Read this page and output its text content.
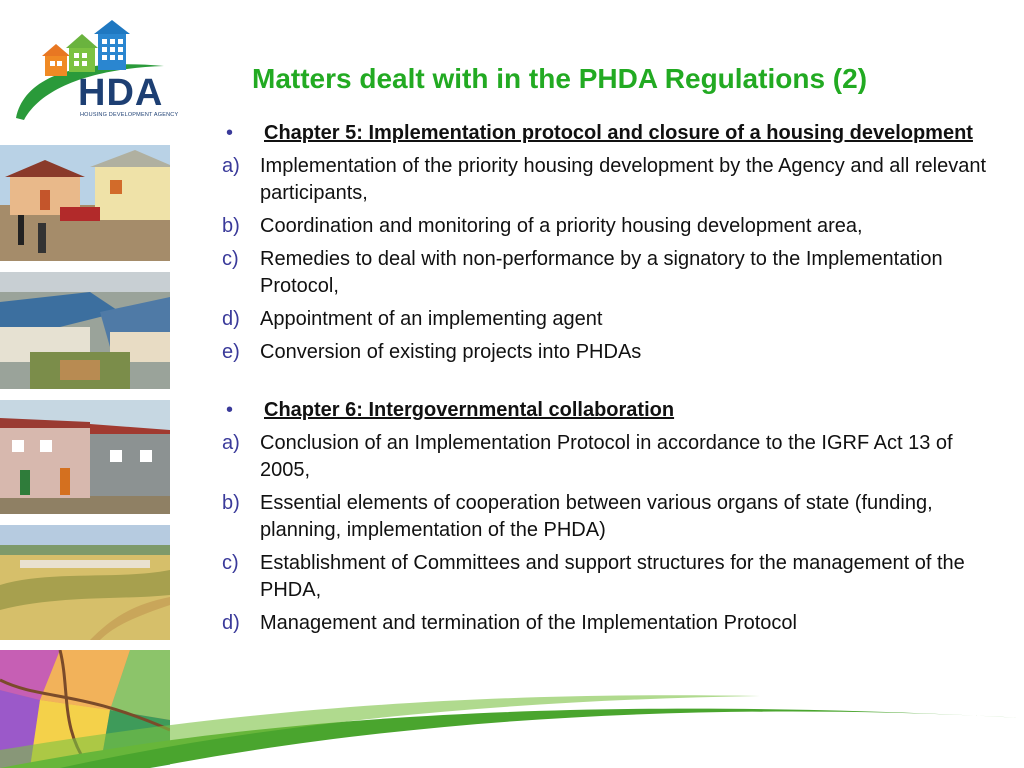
HDA
HOUSING DEVELOPMENT AGENCY
Matters dealt with in the PHDA Regulations (2)
•	Chapter 5: Implementation protocol and closure of a housing development
a)	Implementation of the priority housing development by the Agency and all relevant participants,
b)	Coordination and monitoring of a priority housing development area,
c)	Remedies to deal with non-performance by a signatory to the Implementation Protocol,
d)	Appointment of an implementing agent
e)	Conversion of existing projects into PHDAs
•	Chapter 6: Intergovernmental collaboration
a)	Conclusion of an Implementation Protocol in accordance to the IGRF Act 13 of 2005,
b)	Essential elements of cooperation between various organs of state (funding, planning, implementation of the PHDA)
c)	Establishment of Committees and support structures for the management of the PHDA,
d)	Management and termination of the Implementation Protocol
